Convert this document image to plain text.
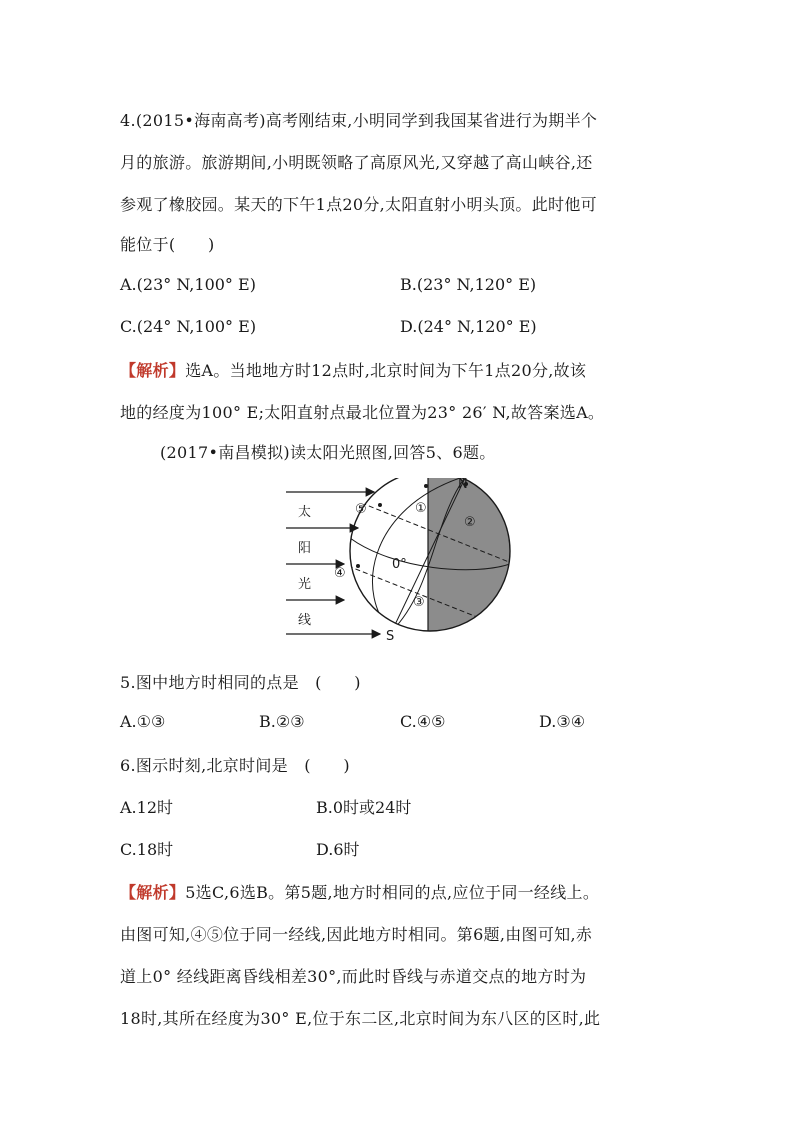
4.(2015•海南高考)高考刚结束,小明同学到我国某省进行为期半个
月的旅游。旅游期间,小明既领略了高原风光,又穿越了高山峡谷,还
参观了橡胶园。某天的下午1点20分,太阳直射小明头顶。此时他可
能位于(　　)
A.(23° N,100° E)	B.(23° N,120° E)
C.(24° N,100° E)	D.(24° N,120° E)
【解析】选A。当地地方时12点时,北京时间为下午1点20分,故该
地的经度为100° E;太阳直射点最北位置为23° 26′ N,故答案选A。
(2017•南昌模拟)读太阳光照图,回答5、6题。
太
阳
光
线
N
S
0°
①
②
③
④
⑤
5.图中地方时相同的点是　(　　)
A.①③	B.②③	C.④⑤	D.③④
6.图示时刻,北京时间是　(　　)
A.12时	B.0时或24时
C.18时	D.6时
【解析】5选C,6选B。第5题,地方时相同的点,应位于同一经线上。
由图可知,④⑤位于同一经线,因此地方时相同。第6题,由图可知,赤
道上0° 经线距离昏线相差30°,而此时昏线与赤道交点的地方时为
18时,其所在经度为30° E,位于东二区,北京时间为东八区的区时,此
